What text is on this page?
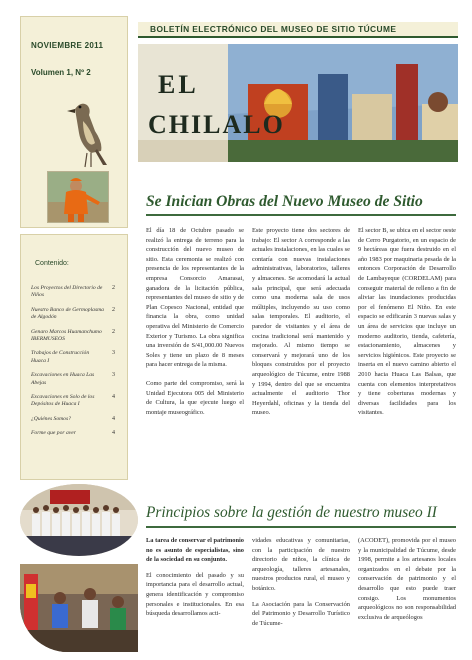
NOVIEMBRE 2011
Volumen 1, Nº 2
Contenido:
Los Proyectos del Directorio de Niños
2
Nuestro Banco de Germoplasma de Algodón
2
Genaro Marcos Huamanchumo IBERMUSEOS
2
Trabajos de Construcción Huaca I
3
Excavaciones en Huaca Las Abejas
3
Excavaciones en Solo de los Depósitos de Huaca I
4
¿Quiénes Somos?	4
Forme que por aver	4
BOLETÍN ELECTRÓNICO DEL MUSEO DE SITIO TÚCUME
EL
CHILALO
Se Inician Obras del Nuevo Museo de Sitio

El día 18 de Octubre pasado se realizó la entrega de terreno para la construcción del nuevo museo de sitio. Esta ceremonia se realizó con presencia de los representantes de la empresa Consorcio Amarasai, ganadora de la licitación pública, representantes del museo de sitio y de Plan Copesco Nacional, entidad que financia la obra, como unidad operativa del Ministerio de Comercio Exterior y Turismo. La obra significa una inversión de S/41,000.00 Nuevos Soles y tiene un plazo de 8 meses para hacer entrega de la misma.

Como parte del compromiso, será la Unidad Ejecutora 005 del Ministerio de Cultura, la que ejecute luego el montaje museográfico.

Este proyecto tiene dos sectores de trabajo: El sector A corresponde a las actuales instalaciones, en las cuales se contaría con nuevas instalaciones administrativas, laboratorios, talleres y almacenes. Se acomodará la actual sala principal, que será adecuada como una moderna sala de usos múltiples, incluyendo su uso como salas temporales. El auditorio, el paredor de visitantes y el área de cocina tradicional será mantenido y mejorado. Al mismo tiempo se conservará y mejorará uno de los bloques construidos por el proyecto arqueológico de Túcume, entre 1988 y 1994, dentro del que se encuentra actualmente el auditorio Thor Heyerdahl, oficinas y la tienda del museo.

El sector B, se ubica en el sector oeste de Cerro Purgatorio, en un espacio de 9 hectáreas que fuera destruido en el año 1983 por maquinaria pesada de la entonces Corporación de Desarrollo de Lambayeque (CORDELAM) para conseguir material de relleno a fin de aliviar las inundaciones producidas por el fenómeno El Niño. En este espacio se edificarán 3 nuevas salas y un área de servicios que incluye un moderno auditorio, tienda, cafetería, estacionamiento, almacenes y servicios higiénicos. Este proyecto se inserta en el nuevo camino abierto el 2010 hacia Huaca Las Balsas, que cuenta con elementos interpretativos y tiene coberturas modernas y diversas facilidades para los visitantes.

Principios sobre la gestión de nuestro museo II

La tarea de conservar el patrimonio no es asunto de especialistas, sino de la sociedad en su conjunto.

El conocimiento del pasado y su importancia para el desarrollo actual, genera identificación y compromiso personales e institucionales. En esa búsqueda desarrollamos acti-

vidades educativas y comunitarias, con la participación de nuestro directorio de niños, la clínica de arqueología, talleres artesanales, nuestros productos rural, el museo y botánico.

La Asociación para la Conservación del Patrimonio y Desarrollo Turístico de Túcume-

(ACODET), promovida por el museo y la municipalidad de Túcume, desde 1998, permite a los artesanos locales organizados en el debate por la conservación de patrimonio y el desarrollo que esto puede traer consigo. Los monumentos arqueológicos no son responsabilidad exclusiva de arqueólogos
